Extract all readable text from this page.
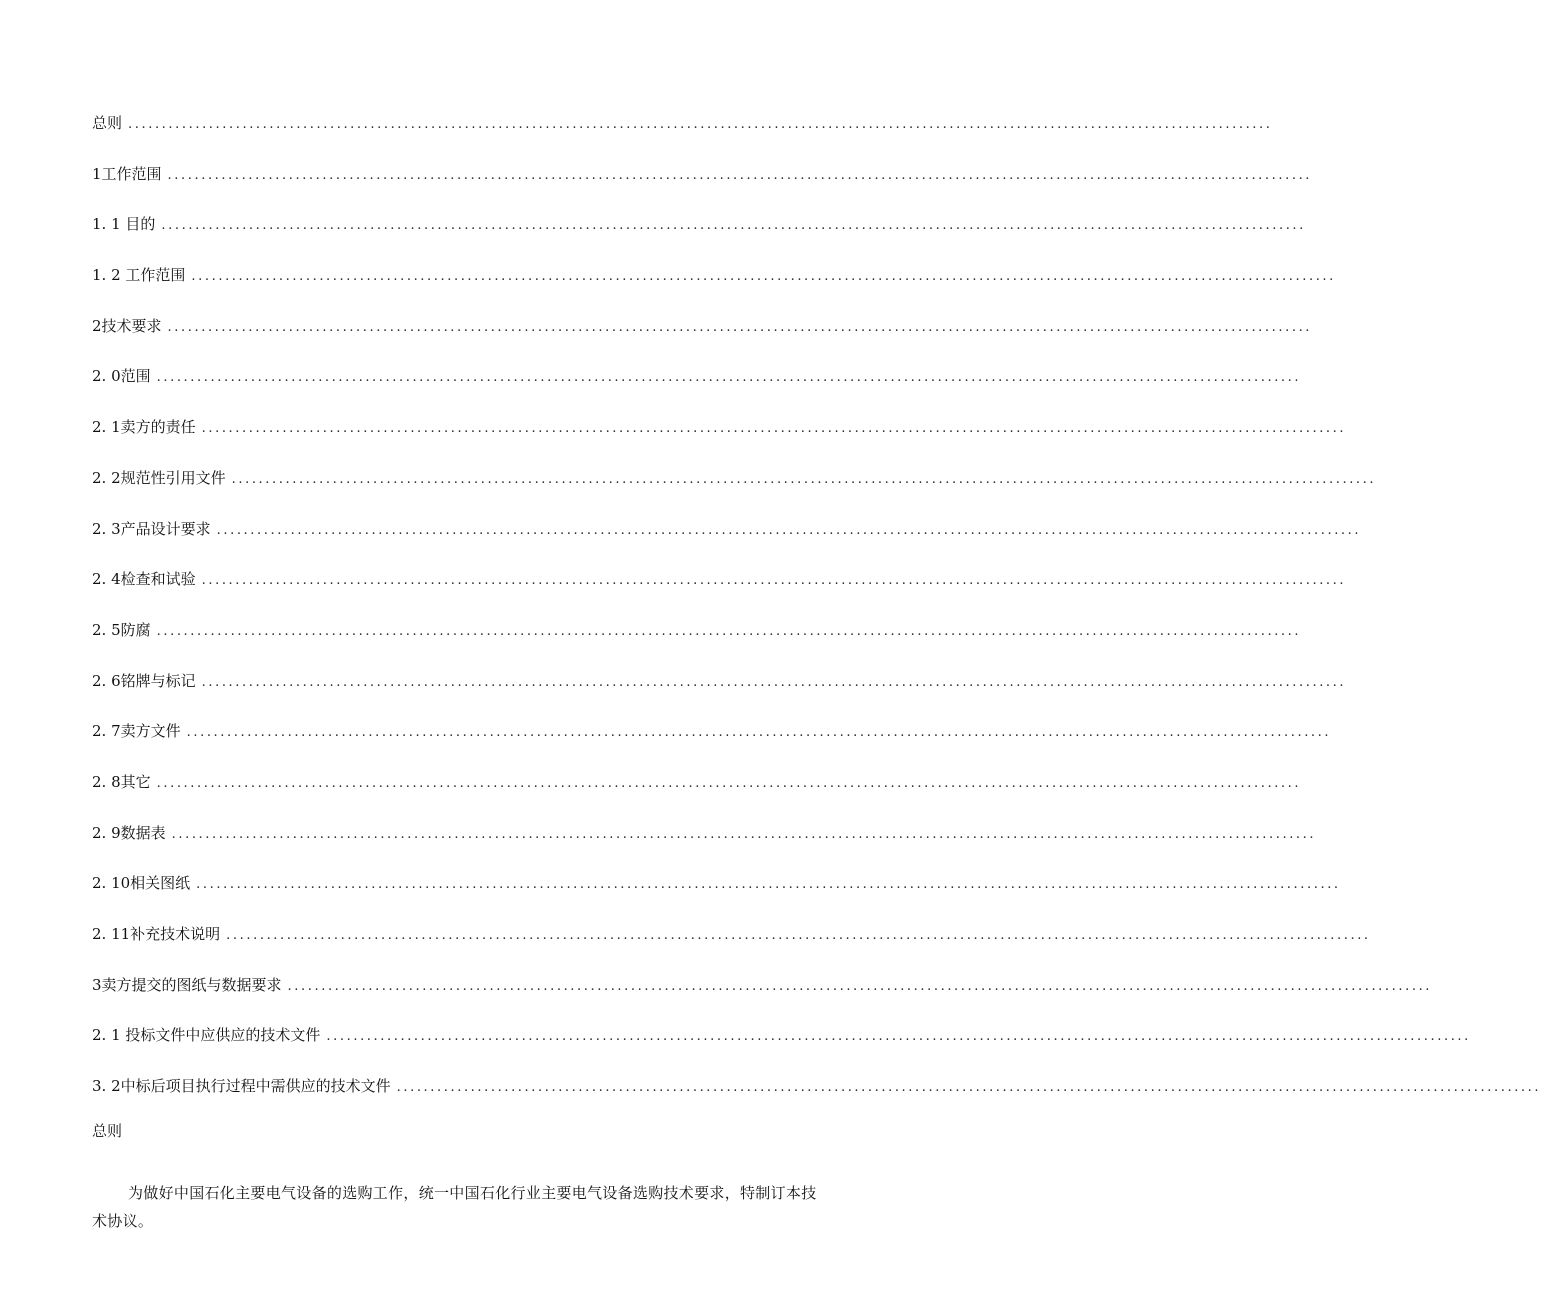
总则 ..........................................................................................................................................................................
1工作范围 ..........................................................................................................................................................................
1. 1 目的 ..........................................................................................................................................................................
1. 2 工作范围 ..........................................................................................................................................................................
2技术要求 ..........................................................................................................................................................................
2. 0范围 ..........................................................................................................................................................................
2. 1卖方的责任 ..........................................................................................................................................................................
2. 2规范性引用文件 ..........................................................................................................................................................................
2. 3产品设计要求 ..........................................................................................................................................................................
2. 4检查和试验 ..........................................................................................................................................................................
2. 5防腐 ..........................................................................................................................................................................
2. 6铭牌与标记 ..........................................................................................................................................................................
2. 7卖方文件 ..........................................................................................................................................................................
2. 8其它 ..........................................................................................................................................................................
2. 9数据表 ..........................................................................................................................................................................
2. 10相关图纸 ..........................................................................................................................................................................
2. 11补充技术说明 ..........................................................................................................................................................................
3卖方提交的图纸与数据要求 ..........................................................................................................................................................................
2. 1 投标文件中应供应的技术文件 ..........................................................................................................................................................................
3. 2中标后项目执行过程中需供应的技术文件 ..........................................................................................................................................................................
总则

为做好中国石化主要电气设备的选购工作，统一中国石化行业主要电气设备选购技术要求，特制订本技术协议。
